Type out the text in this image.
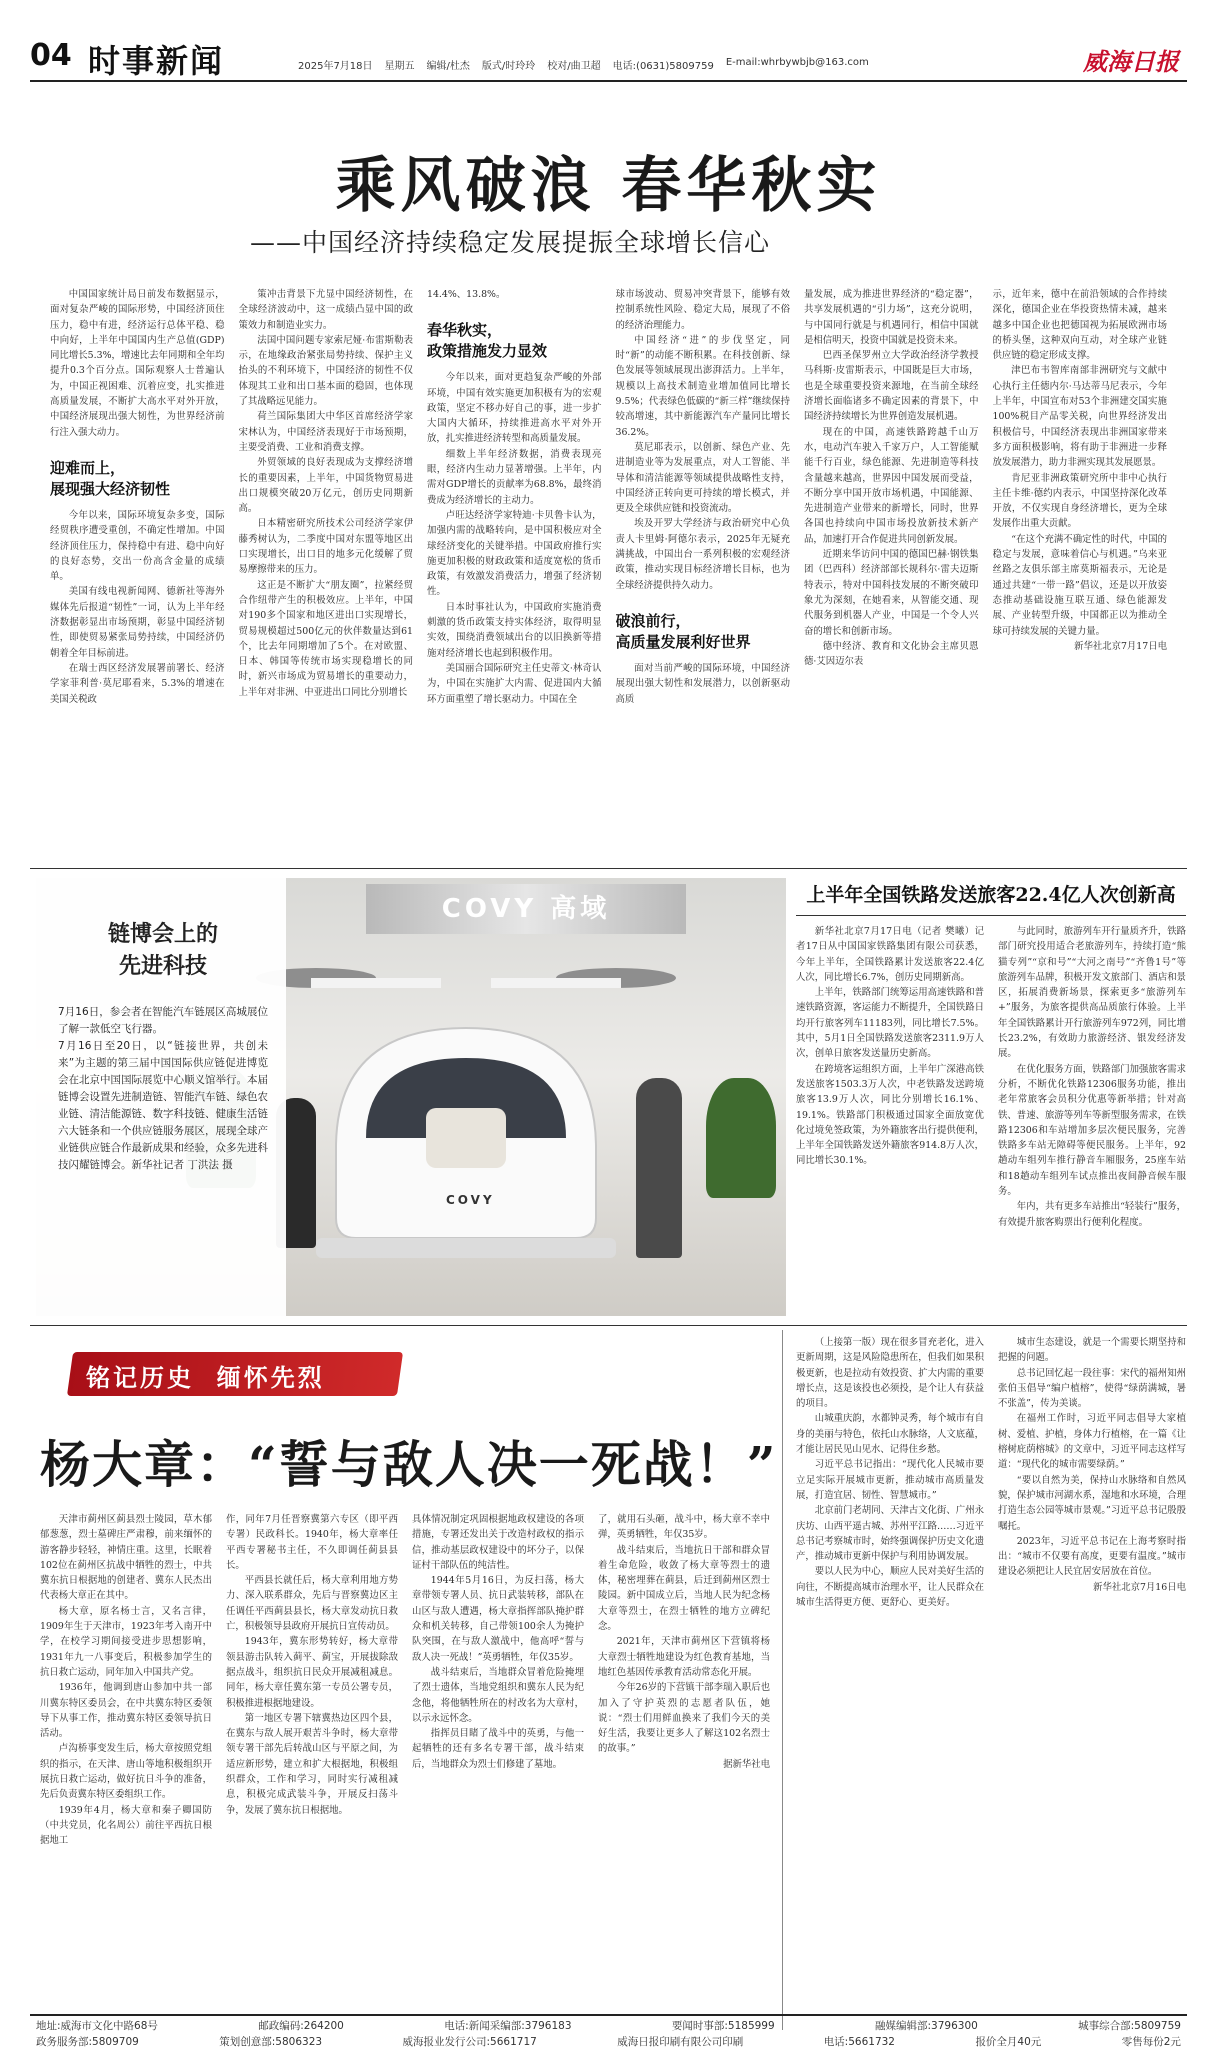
04 时事新闻	2025年7月18日 星期五 编辑/杜杰 版式/时玲玲 校对/曲卫超 电话:(0631)5809759 E-mail:whrbywbjb@163.com	威海日报
乘风破浪 春华秋实
——中国经济持续稳定发展提振全球增长信心

中国国家统计局日前发布数据显示，面对复杂严峻的国际形势，中国经济顶住压力，稳中有进，经济运行总体平稳、稳中向好，上半年中国国内生产总值(GDP)同比增长5.3%，增速比去年同期和全年均提升0.3个百分点。国际观察人士普遍认为，中国正视困难、沉着应变，扎实推进高质量发展，不断扩大高水平对外开放，中国经济展现出强大韧性，为世界经济前行注入强大动力。

迎难而上，
展现强大经济韧性

今年以来，国际环境复杂多变，国际经贸秩序遭受重创，不确定性增加。中国经济顶住压力，保持稳中有进、稳中向好的良好态势，交出一份高含金量的成绩单。

美国有线电视新闻网、德新社等海外媒体先后报道“韧性”一词，认为上半年经济数据彰显出市场预期，彰显中国经济韧性，即使贸易紧张局势持续，中国经济仍朝着全年目标前进。

在瑞士西区经济发展署前署长、经济学家菲利普·莫尼耶看来，5.3%的增速在美国关税政

策冲击背景下尤显中国经济韧性，在全球经济波动中，这一成绩凸显中国的政策效力和制造业实力。

法国中国问题专家索尼娅·布雷斯勒表示，在地缘政治紧张局势持续、保护主义抬头的不利环境下，中国经济的韧性不仅体现其工业和出口基本面的稳固，也体现了其战略远见能力。

荷兰国际集团大中华区首席经济学家宋林认为，中国经济表现好于市场预期，主要受消费、工业和消费支撑。

外贸领域的良好表现成为支撑经济增长的重要因素，上半年，中国货物贸易进出口规模突破20万亿元，创历史同期新高。

日本精密研究所技术公司经济学家伊藤秀树认为，二季度中国对东盟等地区出口实现增长，出口目的地多元化缓解了贸易摩擦带来的压力。

这正是不断扩大“朋友圈”，拉紧经贸合作纽带产生的积极效应。上半年，中国对190多个国家和地区进出口实现增长，贸易规模超过500亿元的伙伴数量达到61个，比去年同期增加了5个。在对欧盟、日本、韩国等传统市场实现稳增长的同时，新兴市场成为贸易增长的重要动力，上半年对非洲、中亚进出口同比分别增长

14.4%、13.8%。

春华秋实，
政策措施发力显效

今年以来，面对更趋复杂严峻的外部环境，中国有效实施更加积极有为的宏观政策，坚定不移办好自己的事，进一步扩大国内大循环，持续推进高水平对外开放，扎实推进经济转型和高质量发展。

细数上半年经济数据，消费表现亮眼，经济内生动力显著增强。上半年，内需对GDP增长的贡献率为68.8%，最终消费成为经济增长的主动力。

卢旺达经济学家特迪·卡贝鲁卡认为，加强内需的战略转向，是中国积极应对全球经济变化的关键举措。中国政府推行实施更加积极的财政政策和适度宽松的货币政策，有效激发消费活力，增强了经济韧性。

日本时事社认为，中国政府实施消费刺激的货币政策支持实体经济，取得明显实效，围绕消费领域出台的以旧换新等措施对经济增长也起到积极作用。

美国丽合国际研究主任史蒂文·林奇认为，中国在实施扩大内需、促进国内大循环方面重塑了增长驱动力。中国在全

球市场波动、贸易冲突背景下，能够有效控制系统性风险、稳定大局，展现了不俗的经济治理能力。

中国经济“进”的步伐坚定，同时“新”的动能不断积累。在科技创新、绿色发展等领域展现出澎湃活力。上半年，规模以上高技术制造业增加值同比增长9.5%；代表绿色低碳的“新三样”继续保持较高增速，其中新能源汽车产量同比增长36.2%。

莫尼耶表示，以创新、绿色产业、先进制造业等为发展重点，对人工智能、半导体和清洁能源等领域提供战略性支持，中国经济正转向更可持续的增长模式，并更及全球供应链和投资流动。

埃及开罗大学经济与政治研究中心负责人卡里姆·阿德尔表示，2025年无疑充满挑战，中国出台一系列积极的宏观经济政策，推动实现目标经济增长目标，也为全球经济提供持久动力。

破浪前行，
高质量发展利好世界

面对当前严峻的国际环境，中国经济展现出强大韧性和发展潜力，以创新驱动高质

量发展，成为推进世界经济的“稳定器”，共享发展机遇的“引力场”，这充分说明，与中国同行就是与机遇同行，相信中国就是相信明天，投资中国就是投资未来。

巴西圣保罗州立大学政治经济学教授马科斯·皮雷斯表示，中国既是巨大市场，也是全球重要投资来源地，在当前全球经济增长面临诸多不确定因素的背景下，中国经济持续增长为世界创造发展机遇。

现在的中国，高速铁路跨越千山万水，电动汽车驶入千家万户，人工智能赋能千行百业，绿色能源、先进制造等科技含量越来越高，世界因中国发展而受益，不断分享中国开放市场机遇，中国能源、先进制造产业带来的新增长，同时，世界各国也持续向中国市场投放新技术新产品，加速打开合作促进共同创新发展。

近期来华访问中国的德国巴赫·钢铁集团（巴西科）经济部部长规科尔·雷夫迈斯特表示，特对中国科技发展的不断突破印象尤为深刻，在她看来，从智能交通、现代服务到机器人产业，中国是一个令人兴奋的增长和创新市场。

德中经济、教育和文化协会主席贝恩德·艾因迈尔表

示，近年来，德中在前沿领域的合作持续深化，德国企业在华投资热情未减，越来越多中国企业也把德国视为拓展欧洲市场的桥头堡，这种双向互动，对全球产业链供应链的稳定形成支撑。

津巴布韦智库南部非洲研究与文献中心执行主任德内尔·马达蒂马尼表示，今年上半年，中国宣布对53个非洲建交国实施100%税目产品零关税，向世界经济发出积极信号，中国经济表现出非洲国家带来多方面积极影响，将有助于非洲进一步释放发展潜力，助力非洲实现其发展愿景。

肯尼亚非洲政策研究所中非中心执行主任卡维·德约内表示，中国坚持深化改革开放，不仅实现自身经济增长，更为全球发展作出重大贡献。

“在这个充满不确定性的时代，中国的稳定与发展，意味着信心与机遇。”乌来亚丝路之友俱乐部主席莫斯福表示，无论是通过共建“一带一路”倡议，还是以开放姿态推动基础设施互联互通、绿色能源发展、产业转型升级，中国都正以为推动全球可持续发展的关键力量。

新华社北京7月17日电

COVY 高域
COVY
链博会上的
先进科技
7月16日，参会者在智能汽车链展区高城展位了解一款低空飞行器。
7月16日至20日，以“链接世界，共创未来”为主题的第三届中国国际供应链促进博览会在北京中国国际展览中心顺义馆举行。本届链博会设置先进制造链、智能汽车链、绿色农业链、清洁能源链、数字科技链、健康生活链六大链条和一个供应链服务展区，展现全球产业链供应链合作最新成果和经验，众多先进科技闪耀链博会。新华社记者 丁洪法 摄
上半年全国铁路发送旅客22.4亿人次创新高

新华社北京7月17日电（记者 樊曦）记者17日从中国国家铁路集团有限公司获悉，今年上半年，全国铁路累计发送旅客22.4亿人次，同比增长6.7%，创历史同期新高。

上半年，铁路部门统筹运用高速铁路和普速铁路资源，客运能力不断提升，全国铁路日均开行旅客列车11183列，同比增长7.5%。其中，5月1日全国铁路发送旅客2311.9万人次，创单日旅客发送量历史新高。

在跨境客运组织方面，上半年广深港高铁发送旅客1503.3万人次，中老铁路发送跨境旅客13.9万人次，同比分别增长16.1%、19.1%。铁路部门积极通过国家全面放宽优化过境免签政策，为外籍旅客出行提供便利，上半年全国铁路发送外籍旅客914.8万人次，同比增长30.1%。

与此同时，旅游列车开行量质齐升，铁路部门研究投用适合老旅游列车，持续打造“熊猫专列”“京和号”“大河之南号”“齐鲁1号”等旅游列车品牌，积极开发文旅部门、酒店和景区，拓展消费新场景，探索更多“旅游列车+”服务，为旅客提供高品质旅行体验。上半年全国铁路累计开行旅游列车972列，同比增长23.2%，有效助力旅游经济、银发经济发展。

在优化服务方面，铁路部门加强旅客需求分析，不断优化铁路12306服务功能，推出老年常旅客会员积分优惠等新举措；针对高铁、普速、旅游等列车等新型服务需求，在铁路12306和车站增加多层次便民服务，完善铁路多车站无障碍等便民服务。上半年，92趟动车组列车推行静音车厢服务，25座车站和18趟动车组列车试点推出夜间静音候车服务。

年内，共有更多车站推出“轻装行”服务，有效提升旅客购票出行便利化程度。

铭记历史  缅怀先烈
杨大章：“誓与敌人决一死战！”

天津市蓟州区蓟县烈士陵园，草木郁郁葱葱，烈士墓碑庄严肃穆，前来缅怀的游客静步轻轻，神情庄重。这里，长眠着102位在蓟州区抗战中牺牲的烈士，中共冀东抗日根据地的创建者、冀东人民杰出代表杨大章正在其中。

杨大章，原名杨士言，又名言律，1909年生于天津市，1923年考入南开中学，在校学习期间接受进步思想影响，1931年九一八事变后，积极参加学生的抗日救亡运动，同年加入中国共产党。

1936年，他调到唐山参加中共一部川冀东特区委员会，在中共冀东特区委领导下从事工作，推动冀东特区委领导抗日活动。

卢沟桥事变发生后，杨大章按照党组织的指示，在天津、唐山等地积极组织开展抗日救亡运动，做好抗日斗争的准备，先后负责冀东特区委组织工作。

1939年4月，杨大章和秦子卿国防（中共党员，化名周公）前往平西抗日根据地工

作，同年7月任晋察冀第六专区（即平西专署）民政科长。1940年，杨大章率任平西专署秘书主任，不久即调任蓟县县长。

平西县长就任后，杨大章利用地方势力、深入联系群众，先后与晋察冀边区主任调任平西蓟县县长，杨大章发动抗日救亡，积极领导县政府开展抗日宣传动员。

1943年，冀东形势转好，杨大章带领县游击队转入蓟平、蓟宝，开展拔除敌据点战斗，组织抗日民众开展减租减息。同年，杨大章任冀东第一专员公署专员，积极推进根据地建设。

第一地区专署下辖冀热边区四个县，在冀东与敌人展开艰苦斗争时，杨大章带领专署干部先后转战山区与平原之间，为适应新形势，建立和扩大根据地，积极组织群众，工作和学习，同时实行减租减息，积极完成武装斗争，开展反扫荡斗争，发展了冀东抗日根据地。

具体情况制定巩固根据地政权建设的各项措施，专署还发出关于改造村政权的指示信，推动基层政权建设中的坏分子，以保证村干部队伍的纯洁性。

1944年5月16日，为反扫荡，杨大章带领专署人员、抗日武装转移，部队在山区与敌人遭遇，杨大章指挥部队掩护群众和机关转移，自己带领100余人为掩护队突围，在与敌人激战中，他高呼“誓与敌人决一死战！”英勇牺牲，年仅35岁。

战斗结束后，当地群众冒着危险掩埋了烈士遗体，当地党组织和冀东人民为纪念他，将他牺牲所在的村改名为大章村，以示永远怀念。

指挥员目睹了战斗中的英勇，与他一起牺牲的还有多名专署干部，战斗结束后，当地群众为烈士们修建了墓地。

了，就用石头砸，战斗中，杨大章不幸中弹，英勇牺牲，年仅35岁。

战斗结束后，当地抗日干部和群众冒着生命危险，收敛了杨大章等烈士的遗体，秘密埋葬在蓟县，后迁到蓟州区烈士陵园。新中国成立后，当地人民为纪念杨大章等烈士，在烈士牺牲的地方立碑纪念。

2021年，天津市蓟州区下营镇将杨大章烈士牺牲地建设为红色教育基地，当地红色基因传承教育活动常态化开展。

今年26岁的下营镇干部李瑞入职后也加入了守护英烈的志愿者队伍，她说：“烈士们用鲜血换来了我们今天的美好生活，我要让更多人了解这102名烈士的故事。”

据新华社电

（上接第一版）现在很多冒充老化，进入更新周期，这是风险隐患所在，但我们如果积极更新，也是拉动有效投资、扩大内需的重要增长点，这是该投也必须投，是个让人有获益的项目。

山城重庆韵，水都钟灵秀，每个城市有自身的美丽与特色，依托山水脉络，人文底蕴，才能让居民见山见水、记得住乡愁。

习近平总书记指出：“现代化人民城市要立足实际开展城市更新，推动城市高质量发展，打造宜居、韧性、智慧城市。”

北京前门老胡同、天津古文化街、广州永庆坊、山西平遥古城、苏州平江路……习近平总书记考察城市时，始终强调保护历史文化遗产，推动城市更新中保护与利用协调发展。

要以人民为中心，顺应人民对美好生活的向往，不断提高城市治理水平，让人民群众在城市生活得更方便、更舒心、更美好。

城市生态建设，就是一个需要长期坚持和把握的问题。

总书记回忆起一段往事：宋代的福州知州张伯玉倡导“编户植榕”，使得“绿荫满城，暑不张盖”，传为美谈。

在福州工作时，习近平同志倡导大家植树、爱植、护植，身体力行植榕，在一篇《让榕树庇荫榕城》的文章中，习近平同志这样写道：“现代化的城市需要绿荫。”

“要以自然为美，保持山水脉络和自然风貌，保护城市河湖水系，湿地和水环境，合理打造生态公园等城市景观。”习近平总书记殷殷嘱托。

2023年，习近平总书记在上海考察时指出：“城市不仅要有高度，更要有温度。”城市建设必须把让人民宜居安居放在首位。

新华社北京7月16日电

地址:威海市文化中路68号	邮政编码:264200	电话:新闻采编部:3796183	要闻时事部:5185999	融媒编辑部:3796300	城事综合部:5809759
政务服务部:5809709	策划创意部:5806323	威海报业发行公司:5661717	威海日报印刷有限公司印刷	电话:5661732	报价全月40元	零售每份2元
